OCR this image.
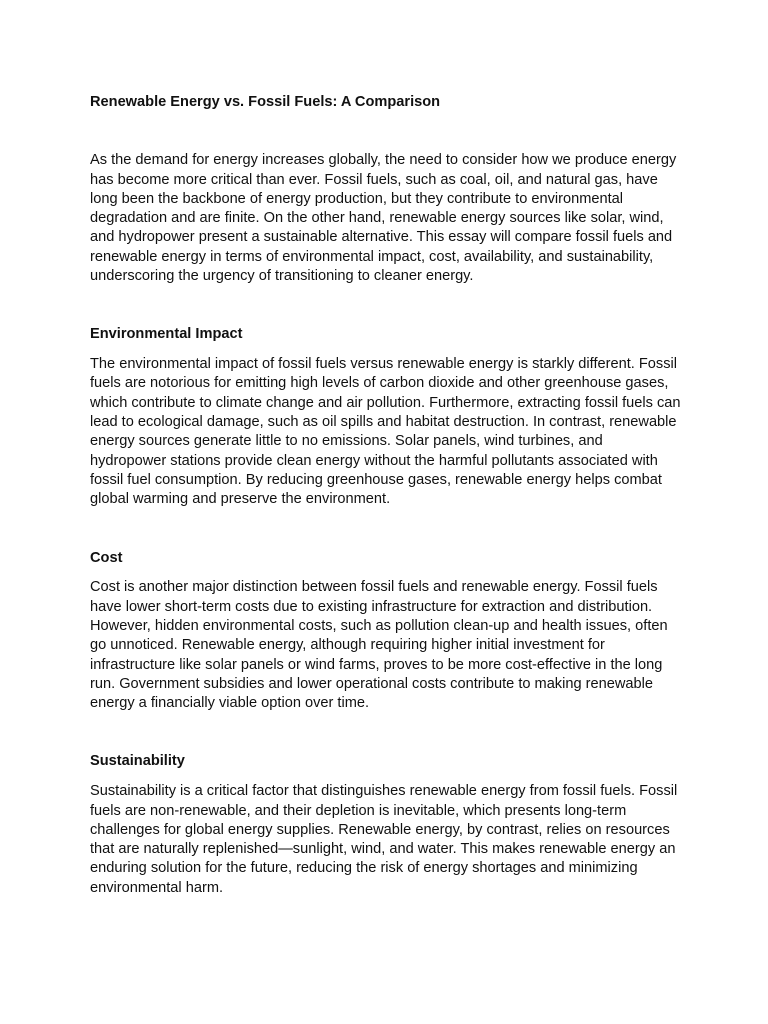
Renewable Energy vs. Fossil Fuels: A Comparison

As the demand for energy increases globally, the need to consider how we produce energy has become more critical than ever. Fossil fuels, such as coal, oil, and natural gas, have long been the backbone of energy production, but they contribute to environmental degradation and are finite. On the other hand, renewable energy sources like solar, wind, and hydropower present a sustainable alternative. This essay will compare fossil fuels and renewable energy in terms of environmental impact, cost, availability, and sustainability, underscoring the urgency of transitioning to cleaner energy.

Environmental Impact

The environmental impact of fossil fuels versus renewable energy is starkly different. Fossil fuels are notorious for emitting high levels of carbon dioxide and other greenhouse gases, which contribute to climate change and air pollution. Furthermore, extracting fossil fuels can lead to ecological damage, such as oil spills and habitat destruction. In contrast, renewable energy sources generate little to no emissions. Solar panels, wind turbines, and hydropower stations provide clean energy without the harmful pollutants associated with fossil fuel consumption. By reducing greenhouse gases, renewable energy helps combat global warming and preserve the environment.

Cost

Cost is another major distinction between fossil fuels and renewable energy. Fossil fuels have lower short-term costs due to existing infrastructure for extraction and distribution. However, hidden environmental costs, such as pollution clean-up and health issues, often go unnoticed. Renewable energy, although requiring higher initial investment for infrastructure like solar panels or wind farms, proves to be more cost-effective in the long run. Government subsidies and lower operational costs contribute to making renewable energy a financially viable option over time.

Sustainability

Sustainability is a critical factor that distinguishes renewable energy from fossil fuels. Fossil fuels are non-renewable, and their depletion is inevitable, which presents long-term challenges for global energy supplies. Renewable energy, by contrast, relies on resources that are naturally replenished—sunlight, wind, and water. This makes renewable energy an enduring solution for the future, reducing the risk of energy shortages and minimizing environmental harm.
